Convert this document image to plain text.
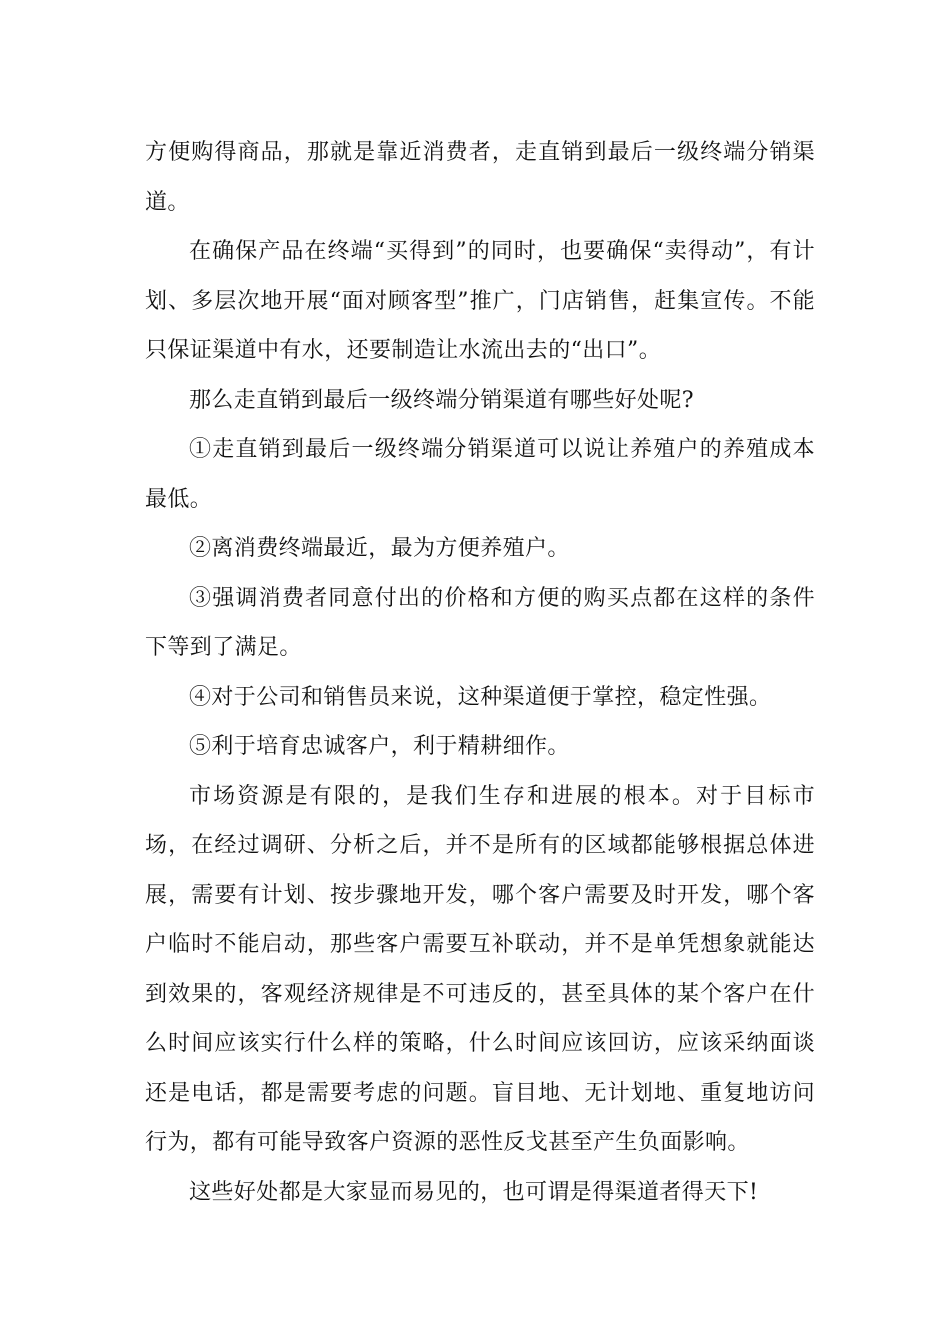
方便购得商品，那就是靠近消费者，走直销到最后一级终端分销渠道。

在确保产品在终端“买得到”的同时，也要确保“卖得动”，有计划、多层次地开展“面对顾客型”推广，门店销售，赶集宣传。不能只保证渠道中有水，还要制造让水流出去的“出口”。

那么走直销到最后一级终端分销渠道有哪些好处呢?

①走直销到最后一级终端分销渠道可以说让养殖户的养殖成本最低。

②离消费终端最近，最为方便养殖户。

③强调消费者同意付出的价格和方便的购买点都在这样的条件下等到了满足。

④对于公司和销售员来说，这种渠道便于掌控，稳定性强。

⑤利于培育忠诚客户，利于精耕细作。

市场资源是有限的，是我们生存和进展的根本。对于目标市场，在经过调研、分析之后，并不是所有的区域都能够根据总体进展，需要有计划、按步骤地开发，哪个客户需要及时开发，哪个客户临时不能启动，那些客户需要互补联动，并不是单凭想象就能达到效果的，客观经济规律是不可违反的，甚至具体的某个客户在什么时间应该实行什么样的策略，什么时间应该回访，应该采纳面谈还是电话，都是需要考虑的问题。盲目地、无计划地、重复地访问行为，都有可能导致客户资源的恶性反戈甚至产生负面影响。

这些好处都是大家显而易见的，也可谓是得渠道者得天下!
